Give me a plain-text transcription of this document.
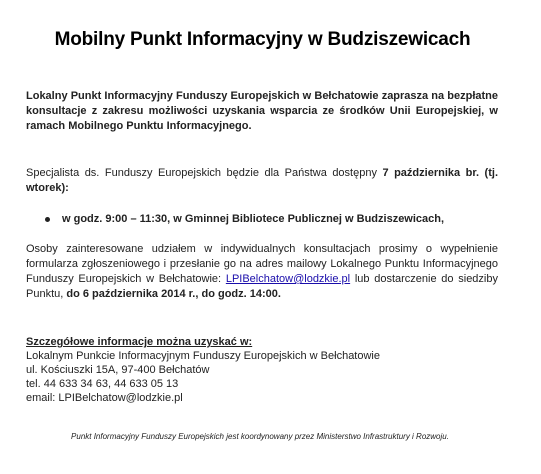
Mobilny Punkt Informacyjny w Budziszewicach
Lokalny Punkt Informacyjny Funduszy Europejskich w Bełchatowie zaprasza na bezpłatne konsultacje z zakresu możliwości uzyskania wsparcia ze środków Unii Europejskiej, w ramach Mobilnego Punktu Informacyjnego.
Specjalista ds. Funduszy Europejskich będzie dla Państwa dostępny 7 października br. (tj. wtorek):
w godz. 9:00 – 11:30, w Gminnej Bibliotece Publicznej w Budziszewicach,
Osoby zainteresowane udziałem w indywidualnych konsultacjach prosimy o wypełnienie formularza zgłoszeniowego i przesłanie go na adres mailowy Lokalnego Punktu Informacyjnego Funduszy Europejskich w Bełchatowie: LPIBelchatow@lodzkie.pl lub dostarczenie do siedziby Punktu, do 6 października 2014 r., do godz. 14:00.
Szczegółowe informacje można uzyskać w:
Lokalnym Punkcie Informacyjnym Funduszy Europejskich w Bełchatowie
ul. Kościuszki 15A, 97-400 Bełchatów
tel. 44 633 34 63, 44 633 05 13
email: LPIBelchatow@lodzkie.pl
Punkt Informacyjny Funduszy Europejskich jest koordynowany przez Ministerstwo Infrastruktury i Rozwoju.
